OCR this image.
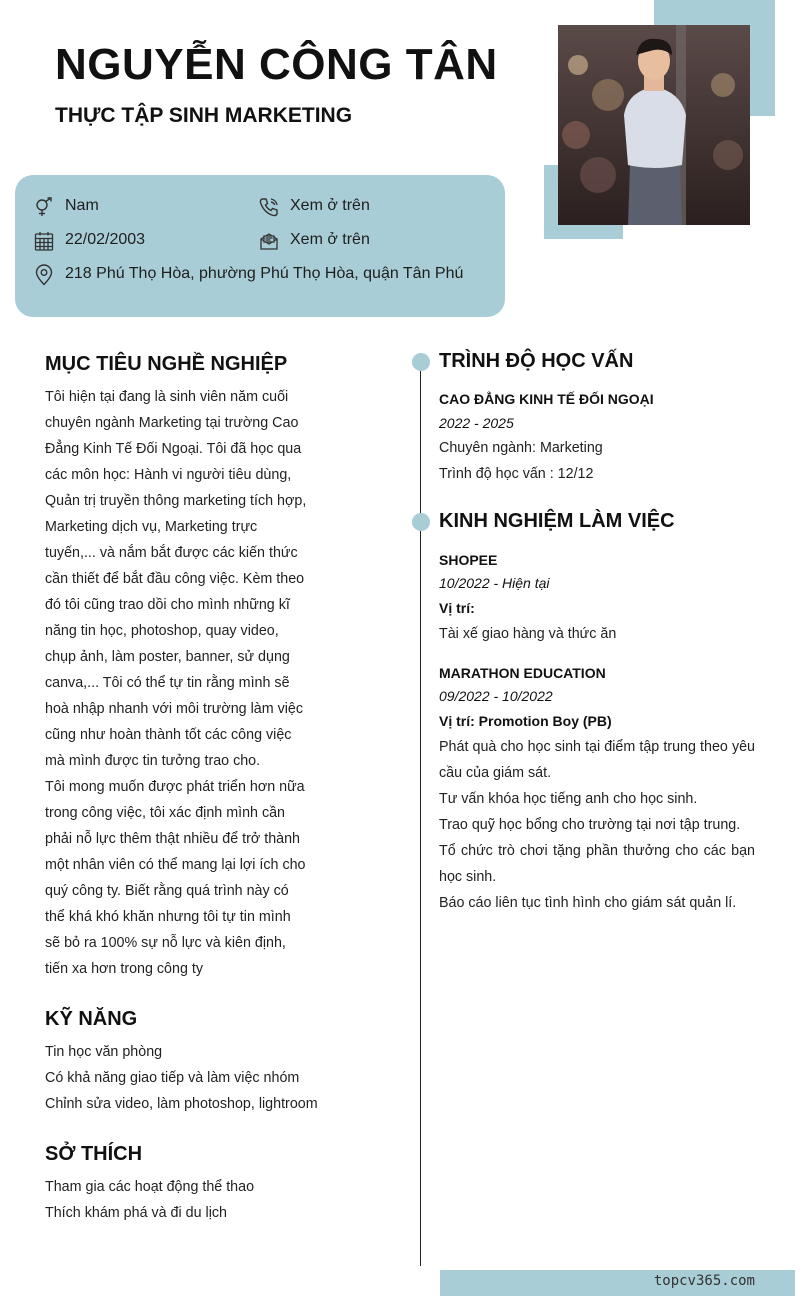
NGUYỄN CÔNG TÂN
THỰC TẬP SINH MARKETING
Nam	Xem ở trên
22/02/2003	Xem ở trên
218 Phú Thọ Hòa, phường Phú Thọ Hòa, quận Tân Phú
MỤC TIÊU NGHỀ NGHIỆP
Tôi hiện tại đang là sinh viên năm cuối
chuyên ngành Marketing tại trường Cao
Đẳng Kinh Tế Đối Ngoại. Tôi đã học qua
các môn học: Hành vi người tiêu dùng,
Quản trị truyền thông marketing tích hợp,
Marketing dịch vụ, Marketing trực
tuyến,... và nắm bắt được các kiến thức
cần thiết để bắt đầu công việc. Kèm theo
đó tôi cũng trao dồi cho mình những kĩ
năng tin học, photoshop, quay video,
chụp ảnh, làm poster, banner, sử dụng
canva,... Tôi có thể tự tin rằng mình sẽ
hoà nhập nhanh với môi trường làm việc
cũng như hoàn thành tốt các công việc
mà mình được tin tưởng trao cho.
Tôi mong muốn được phát triển hơn nữa
trong công việc, tôi xác định mình cần
phải nỗ lực thêm thật nhiều để trở thành
một nhân viên có thể mang lại lợi ích cho
quý công ty. Biết rằng quá trình này có
thể khá khó khăn nhưng tôi tự tin mình
sẽ bỏ ra 100% sự nỗ lực và kiên định,
tiến xa hơn trong công ty
KỸ NĂNG
Tin học văn phòng
Có khả năng giao tiếp và làm việc nhóm
Chỉnh sửa video, làm photoshop, lightroom
SỞ THÍCH
Tham gia các hoạt động thể thao
Thích khám phá và đi du lịch
TRÌNH ĐỘ HỌC VẤN
CAO ĐẲNG KINH TẾ ĐỐI NGOẠI
2022 - 2025
Chuyên ngành: Marketing
Trình độ học vấn : 12/12
KINH NGHIỆM LÀM VIỆC
SHOPEE
10/2022 - Hiện tại
Vị trí:
Tài xế giao hàng và thức ăn
MARATHON EDUCATION
09/2022 - 10/2022
Vị trí: Promotion Boy (PB)
Phát quà cho học sinh tại điểm tập trung theo yêu cầu của giám sát.
Tư vấn khóa học tiếng anh cho học sinh.
Trao quỹ học bổng cho trường tại nơi tập trung.
Tổ chức trò chơi tặng phần thưởng cho các bạn học sinh.
Báo cáo liên tục tình hình cho giám sát quản lí.
topcv365.com
